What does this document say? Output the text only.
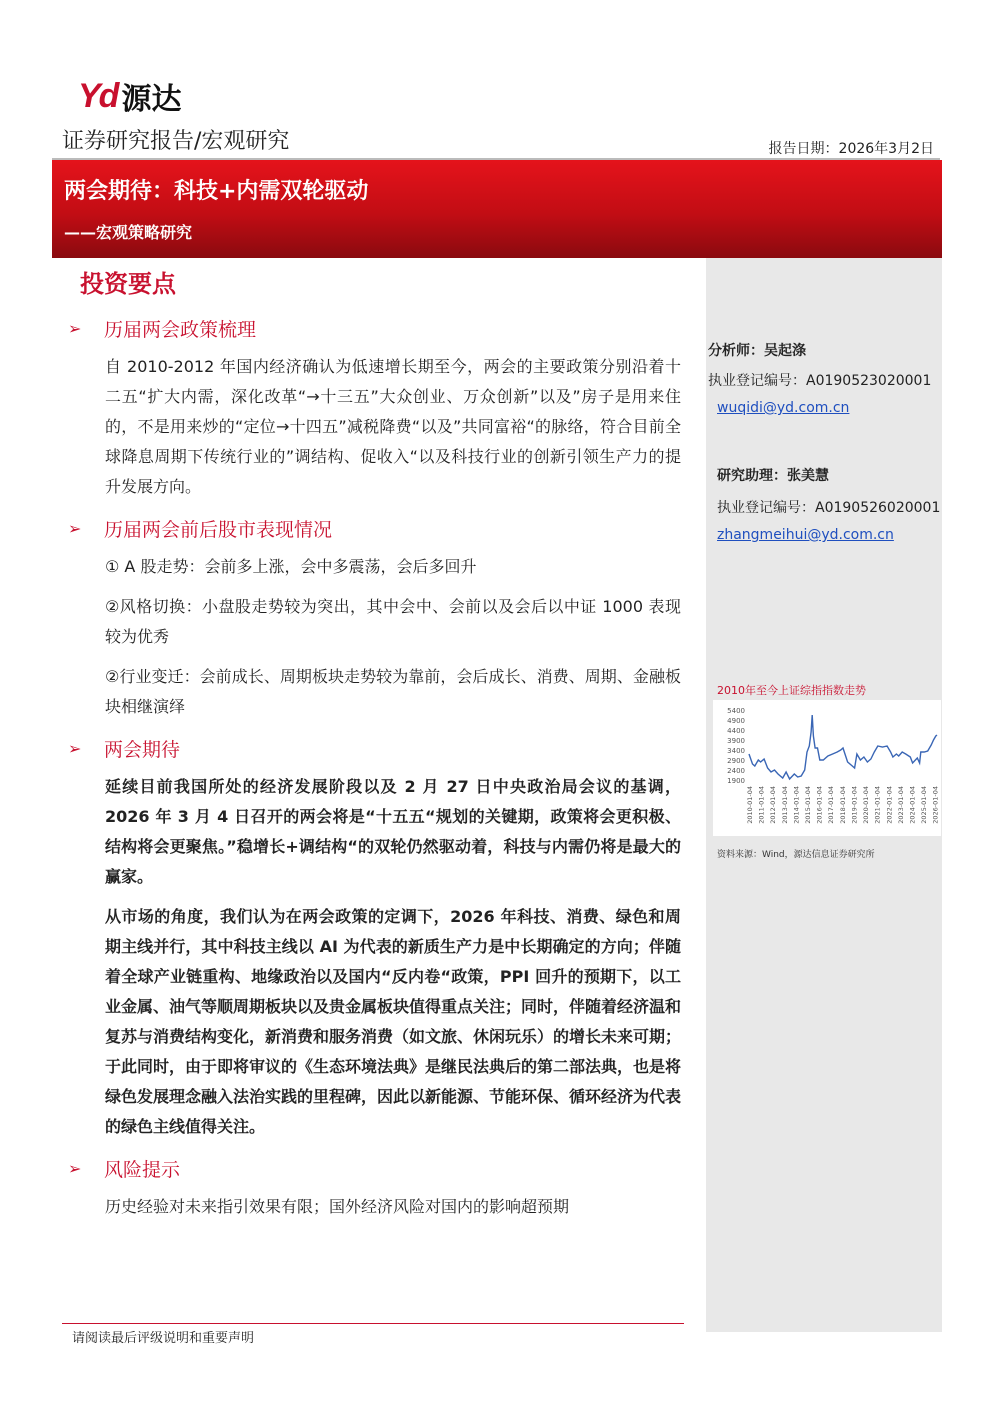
Yd 源达
证券研究报告/宏观研究	报告日期：2026年3月2日
两会期待：科技+内需双轮驱动
——宏观策略研究
投资要点
➢	历届两会政策梳理
自 2010-2012 年国内经济确认为低速增长期至今，两会的主要政策分别沿着十二五“扩大内需，深化改革“→十三五”大众创业、万众创新”以及”房子是用来住的，不是用来炒的“定位→十四五”减税降费“以及”共同富裕“的脉络，符合目前全球降息周期下传统行业的”调结构、促收入“以及科技行业的创新引领生产力的提升发展方向。
➢	历届两会前后股市表现情况
① A 股走势：会前多上涨，会中多震荡，会后多回升
②风格切换：小盘股走势较为突出，其中会中、会前以及会后以中证 1000 表现较为优秀
②行业变迁：会前成长、周期板块走势较为靠前，会后成长、消费、周期、金融板块相继演绎
➢	两会期待
延续目前我国所处的经济发展阶段以及 2 月 27 日中央政治局会议的基调，2026 年 3 月 4 日召开的两会将是“十五五“规划的关键期，政策将会更积极、结构将会更聚焦。”稳增长+调结构“的双轮仍然驱动着，科技与内需仍将是最大的赢家。
从市场的角度，我们认为在两会政策的定调下，2026 年科技、消费、绿色和周期主线并行，其中科技主线以 AI 为代表的新质生产力是中长期确定的方向；伴随着全球产业链重构、地缘政治以及国内“反内卷“政策，PPI 回升的预期下，以工业金属、油气等顺周期板块以及贵金属板块值得重点关注；同时，伴随着经济温和复苏与消费结构变化，新消费和服务消费（如文旅、休闲玩乐）的增长未来可期；于此同时，由于即将审议的《生态环境法典》是继民法典后的第二部法典，也是将绿色发展理念融入法治实践的里程碑，因此以新能源、节能环保、循环经济为代表的绿色主线值得关注。
➢	风险提示
历史经验对未来指引效果有限；国外经济风险对国内的影响超预期
分析师：吴起涤
执业登记编号：A0190523020001
wuqidi@yd.com.cn
研究助理：张美慧
执业登记编号：A0190526020001
zhangmeihui@yd.com.cn
2010年至今上证综指指数走势
5400
4900
4400
3900
3400
2900
2400
1900
2010-01-04 2011-01-04 2012-01-04 2013-01-04 2014-01-04 2015-01-04 2016-01-04 2017-01-04 2018-01-04 2019-01-04 2020-01-04 2021-01-04 2022-01-04 2023-01-04 2024-01-04 2025-01-04 2026-01-04
资料来源：Wind，源达信息证券研究所
请阅读最后评级说明和重要声明
